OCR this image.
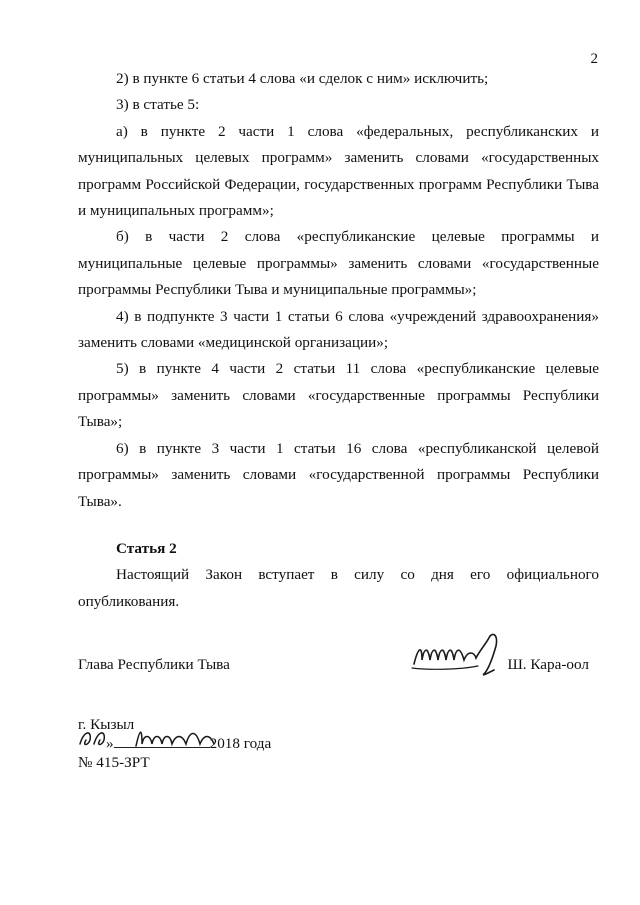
2

2) в пункте 6 статьи 4 слова «и сделок с ним» исключить;

3) в статье 5:

а) в пункте 2 части 1 слова «федеральных, республиканских и муниципальных целевых программ» заменить словами «государственных программ Российской Федерации, государственных программ Республики Тыва и муниципальных программ»;

б) в части 2 слова «республиканские целевые программы и муниципальные целевые программы» заменить словами «государственные программы Республики Тыва и муниципальные программы»;

4) в подпункте 3 части 1 статьи 6 слова «учреждений здравоохранения» заменить словами «медицинской организации»;

5) в пункте 4 части 2 статьи 11 слова «республиканские целевые программы» заменить словами «государственные программы Республики Тыва»;

6) в пункте 3 части 1 статьи 16 слова «республиканской целевой программы» заменить словами «государственной программы Республики Тыва».

Статья 2

Настоящий Закон вступает в силу со дня его официального опубликования.

Глава Республики Тыва	Ш. Кара-оол
г. Кызыл
»	2018 года
№ 415-ЗРТ
